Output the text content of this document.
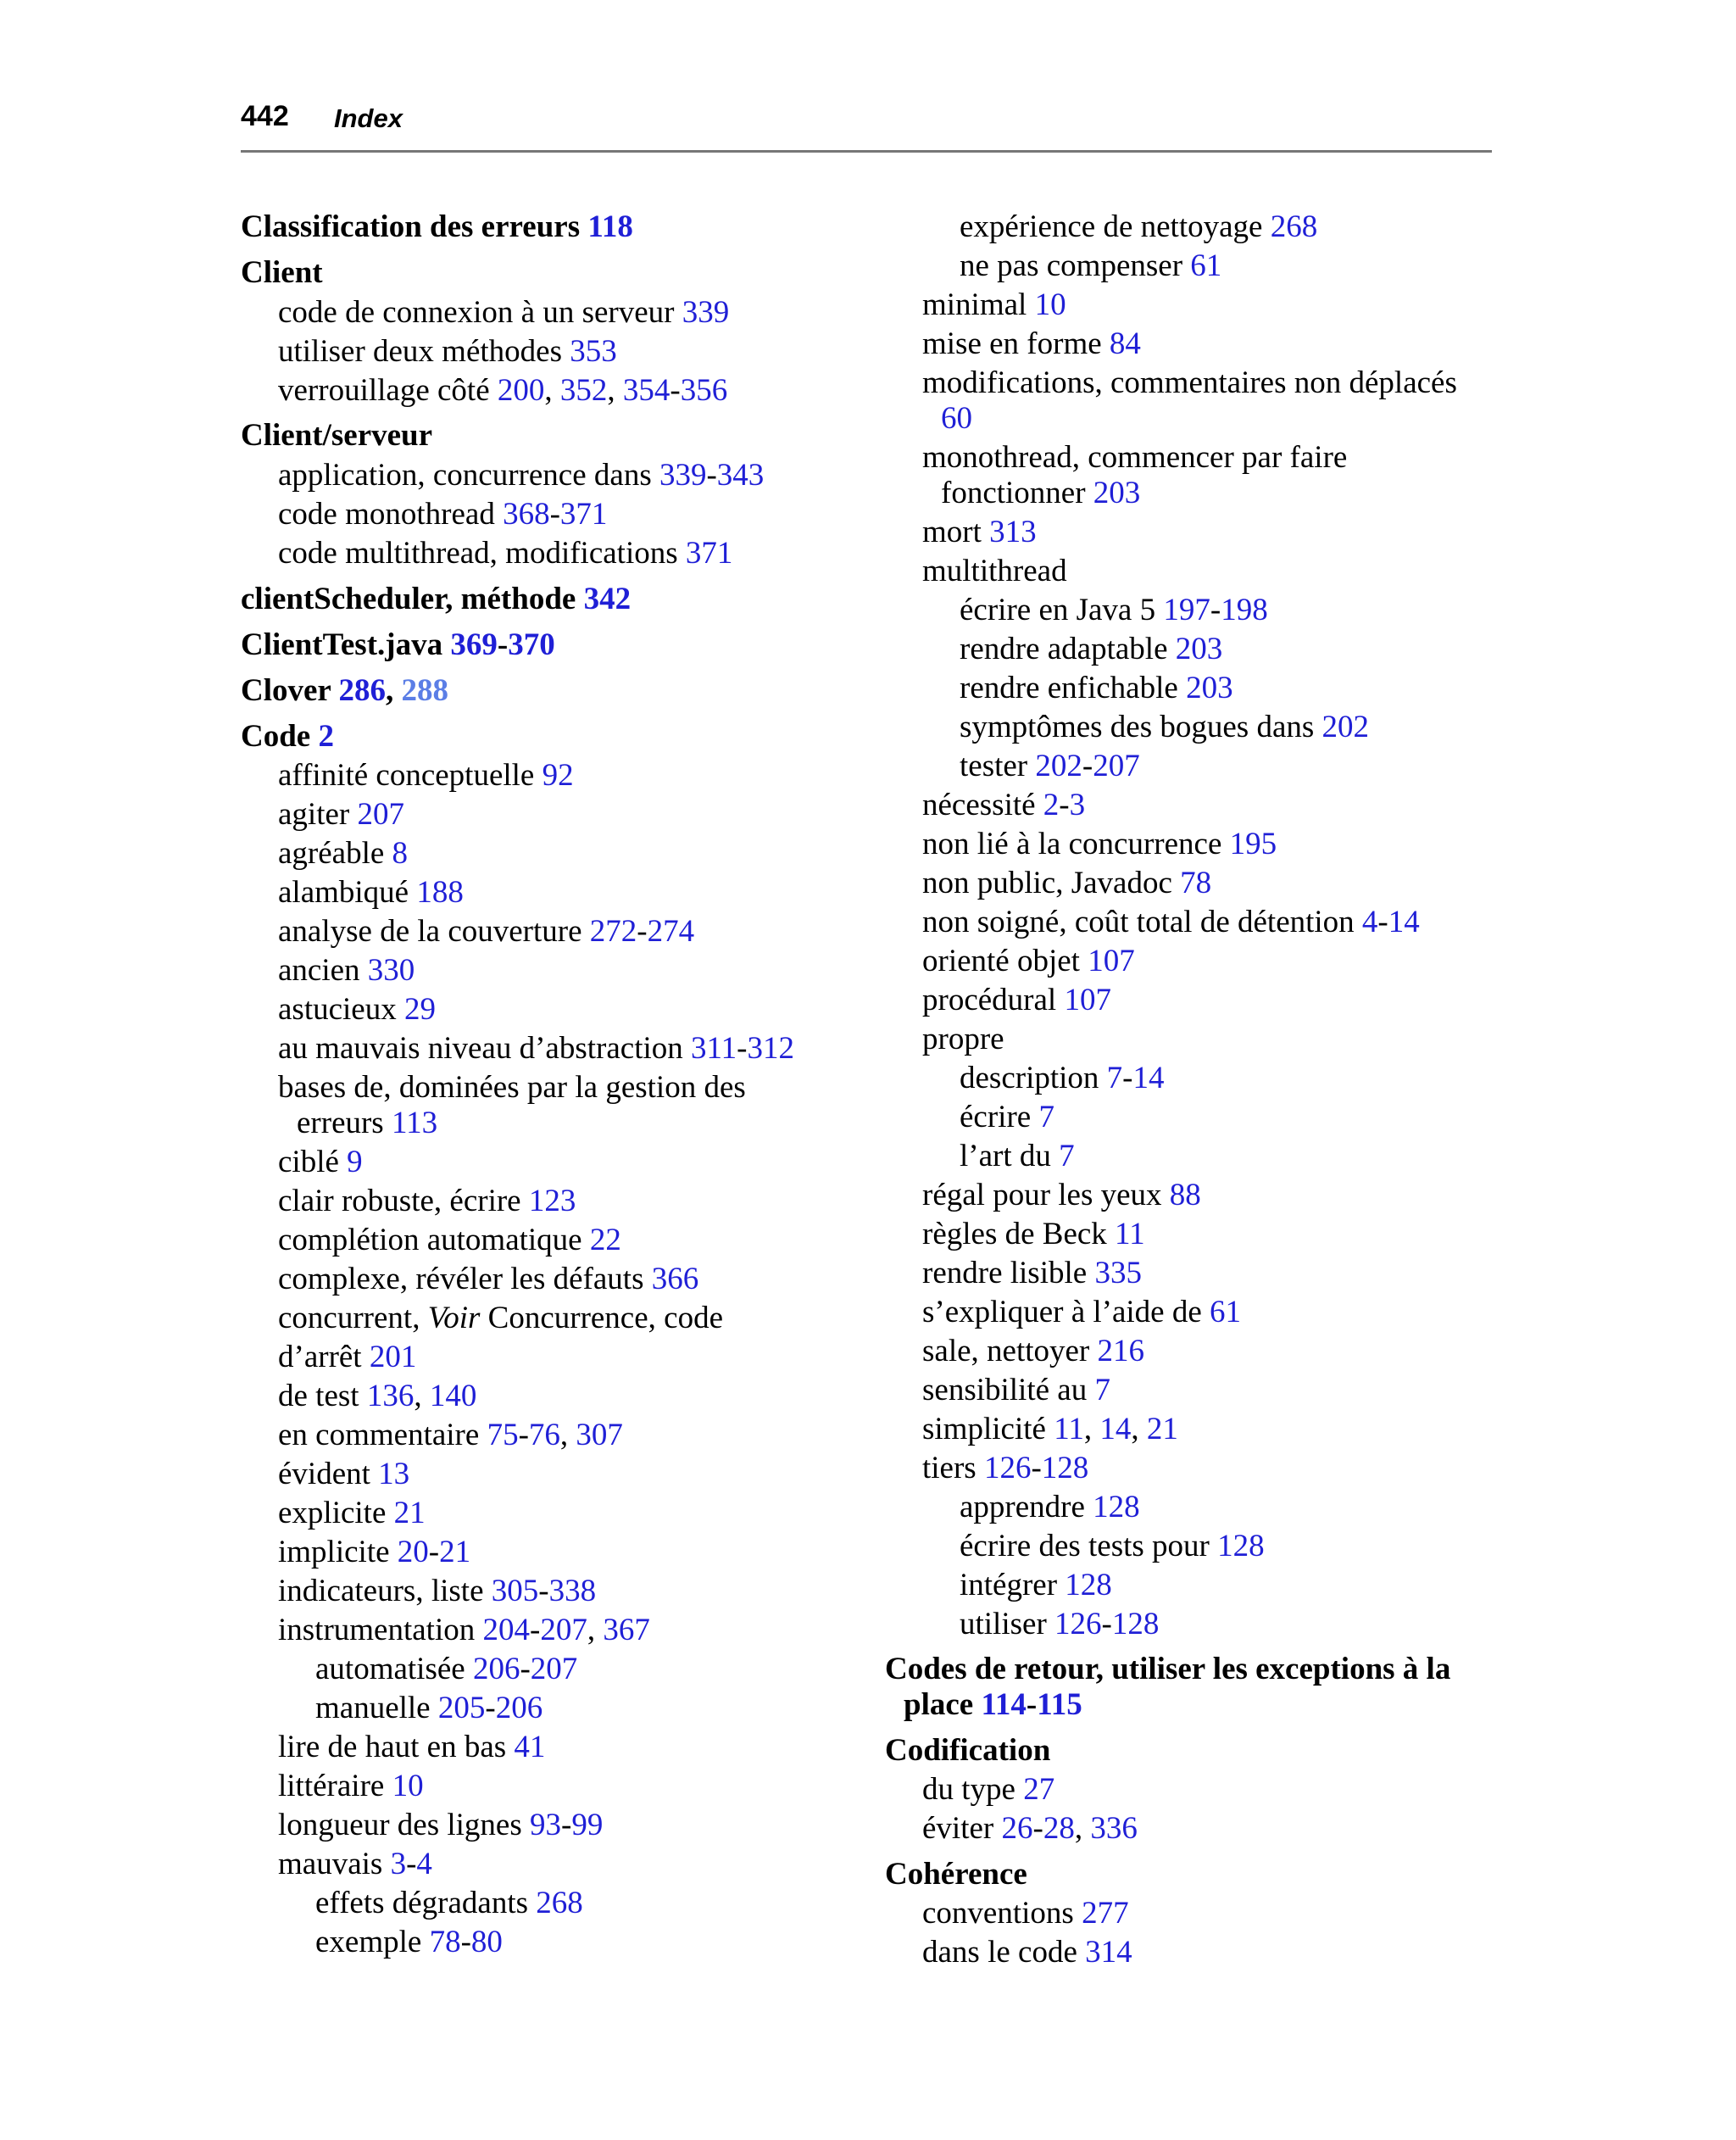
442 Index
Classification des erreurs 118
Client
code de connexion à un serveur 339
utiliser deux méthodes 353
verrouillage côté 200, 352, 354-356
Client/serveur
application, concurrence dans 339-343
code monothread 368-371
code multithread, modifications 371
clientScheduler, méthode 342
ClientTest.java 369-370
Clover 286, 288
Code 2
affinité conceptuelle 92
agiter 207
agréable 8
alambiqué 188
analyse de la couverture 272-274
ancien 330
astucieux 29
au mauvais niveau d’abstraction 311-312
bases de, dominées par la gestion des
erreurs 113
ciblé 9
clair robuste, écrire 123
complétion automatique 22
complexe, révéler les défauts 366
concurrent, Voir Concurrence, code
d’arrêt 201
de test 136, 140
en commentaire 75-76, 307
évident 13
explicite 21
implicite 20-21
indicateurs, liste 305-338
instrumentation 204-207, 367
automatisée 206-207
manuelle 205-206
lire de haut en bas 41
littéraire 10
longueur des lignes 93-99
mauvais 3-4
effets dégradants 268
exemple 78-80
expérience de nettoyage 268
ne pas compenser 61
minimal 10
mise en forme 84
modifications, commentaires non déplacés
60
monothread, commencer par faire
fonctionner 203
mort 313
multithread
écrire en Java 5 197-198
rendre adaptable 203
rendre enfichable 203
symptômes des bogues dans 202
tester 202-207
nécessité 2-3
non lié à la concurrence 195
non public, Javadoc 78
non soigné, coût total de détention 4-14
orienté objet 107
procédural 107
propre
description 7-14
écrire 7
l’art du 7
régal pour les yeux 88
règles de Beck 11
rendre lisible 335
s’expliquer à l’aide de 61
sale, nettoyer 216
sensibilité au 7
simplicité 11, 14, 21
tiers 126-128
apprendre 128
écrire des tests pour 128
intégrer 128
utiliser 126-128
Codes de retour, utiliser les exceptions à la
place 114-115
Codification
du type 27
éviter 26-28, 336
Cohérence
conventions 277
dans le code 314
